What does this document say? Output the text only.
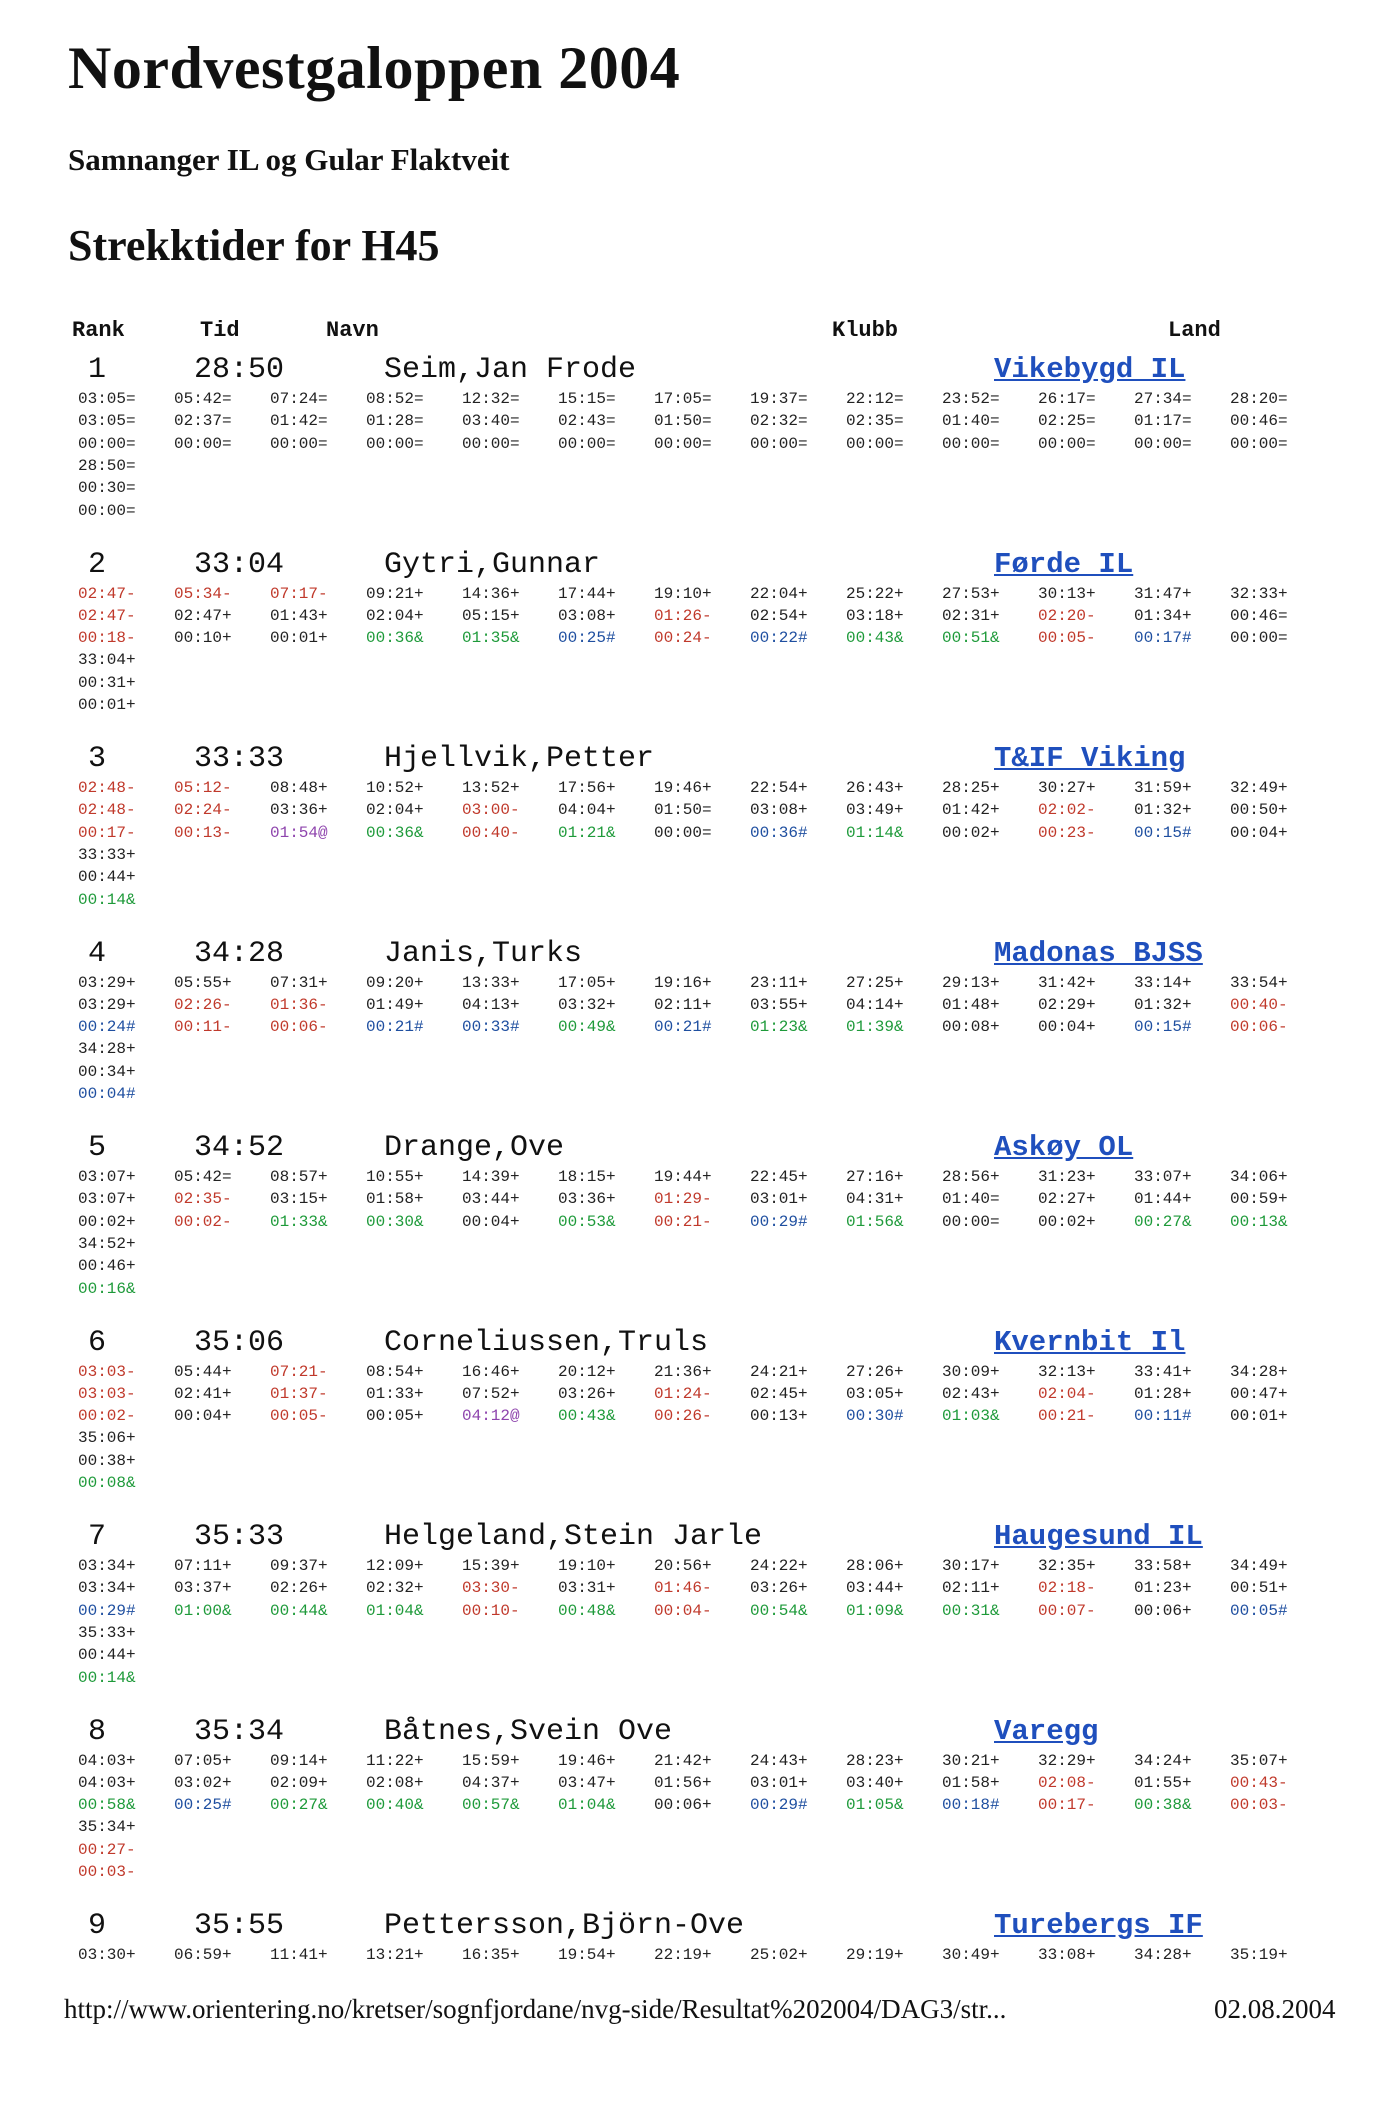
Nordvestgaloppen 2004
Samnanger IL og Gular Flaktveit
Strekktider for H45
Rank	Tid	Navn	Klubb	Land
1	28:50	Seim,Jan Frode	Vikebygd IL
03:05= 05:42= 07:24= 08:52= 12:32= 15:15= 17:05= 19:37= 22:12= 23:52= 26:17= 27:34= 28:20=
03:05= 02:37= 01:42= 01:28= 03:40= 02:43= 01:50= 02:32= 02:35= 01:40= 02:25= 01:17= 00:46=
00:00= 00:00= 00:00= 00:00= 00:00= 00:00= 00:00= 00:00= 00:00= 00:00= 00:00= 00:00= 00:00=
28:50=
00:30=
00:00=
2	33:04	Gytri,Gunnar	Førde IL
02:47- 05:34- 07:17- 09:21+ 14:36+ 17:44+ 19:10+ 22:04+ 25:22+ 27:53+ 30:13+ 31:47+ 32:33+
02:47- 02:47+ 01:43+ 02:04+ 05:15+ 03:08+ 01:26- 02:54+ 03:18+ 02:31+ 02:20- 01:34+ 00:46=
00:18- 00:10+ 00:01+ 00:36& 01:35& 00:25# 00:24- 00:22# 00:43& 00:51& 00:05- 00:17# 00:00=
33:04+
00:31+
00:01+
3	33:33	Hjellvik,Petter	T&IF Viking
02:48- 05:12- 08:48+ 10:52+ 13:52+ 17:56+ 19:46+ 22:54+ 26:43+ 28:25+ 30:27+ 31:59+ 32:49+
02:48- 02:24- 03:36+ 02:04+ 03:00- 04:04+ 01:50= 03:08+ 03:49+ 01:42+ 02:02- 01:32+ 00:50+
00:17- 00:13- 01:54@ 00:36& 00:40- 01:21& 00:00= 00:36# 01:14& 00:02+ 00:23- 00:15# 00:04+
33:33+
00:44+
00:14&
4	34:28	Janis,Turks	Madonas BJSS
03:29+ 05:55+ 07:31+ 09:20+ 13:33+ 17:05+ 19:16+ 23:11+ 27:25+ 29:13+ 31:42+ 33:14+ 33:54+
03:29+ 02:26- 01:36- 01:49+ 04:13+ 03:32+ 02:11+ 03:55+ 04:14+ 01:48+ 02:29+ 01:32+ 00:40-
00:24# 00:11- 00:06- 00:21# 00:33# 00:49& 00:21# 01:23& 01:39& 00:08+ 00:04+ 00:15# 00:06-
34:28+
00:34+
00:04#
5	34:52	Drange,Ove	Askøy OL
03:07+ 05:42= 08:57+ 10:55+ 14:39+ 18:15+ 19:44+ 22:45+ 27:16+ 28:56+ 31:23+ 33:07+ 34:06+
03:07+ 02:35- 03:15+ 01:58+ 03:44+ 03:36+ 01:29- 03:01+ 04:31+ 01:40= 02:27+ 01:44+ 00:59+
00:02+ 00:02- 01:33& 00:30& 00:04+ 00:53& 00:21- 00:29# 01:56& 00:00= 00:02+ 00:27& 00:13&
34:52+
00:46+
00:16&
6	35:06	Corneliussen,Truls	Kvernbit Il
03:03- 05:44+ 07:21- 08:54+ 16:46+ 20:12+ 21:36+ 24:21+ 27:26+ 30:09+ 32:13+ 33:41+ 34:28+
03:03- 02:41+ 01:37- 01:33+ 07:52+ 03:26+ 01:24- 02:45+ 03:05+ 02:43+ 02:04- 01:28+ 00:47+
00:02- 00:04+ 00:05- 00:05+ 04:12@ 00:43& 00:26- 00:13+ 00:30# 01:03& 00:21- 00:11# 00:01+
35:06+
00:38+
00:08&
7	35:33	Helgeland,Stein Jarle	Haugesund IL
03:34+ 07:11+ 09:37+ 12:09+ 15:39+ 19:10+ 20:56+ 24:22+ 28:06+ 30:17+ 32:35+ 33:58+ 34:49+
03:34+ 03:37+ 02:26+ 02:32+ 03:30- 03:31+ 01:46- 03:26+ 03:44+ 02:11+ 02:18- 01:23+ 00:51+
00:29# 01:00& 00:44& 01:04& 00:10- 00:48& 00:04- 00:54& 01:09& 00:31& 00:07- 00:06+ 00:05#
35:33+
00:44+
00:14&
8	35:34	Båtnes,Svein Ove	Varegg
04:03+ 07:05+ 09:14+ 11:22+ 15:59+ 19:46+ 21:42+ 24:43+ 28:23+ 30:21+ 32:29+ 34:24+ 35:07+
04:03+ 03:02+ 02:09+ 02:08+ 04:37+ 03:47+ 01:56+ 03:01+ 03:40+ 01:58+ 02:08- 01:55+ 00:43-
00:58& 00:25# 00:27& 00:40& 00:57& 01:04& 00:06+ 00:29# 01:05& 00:18# 00:17- 00:38& 00:03-
35:34+
00:27-
00:03-
9	35:55	Pettersson,Björn-Ove	Turebergs IF
03:30+ 06:59+ 11:41+ 13:21+ 16:35+ 19:54+ 22:19+ 25:02+ 29:19+ 30:49+ 33:08+ 34:28+ 35:19+
http://www.orientering.no/kretser/sognfjordane/nvg-side/Resultat%202004/DAG3/str...	02.08.2004
